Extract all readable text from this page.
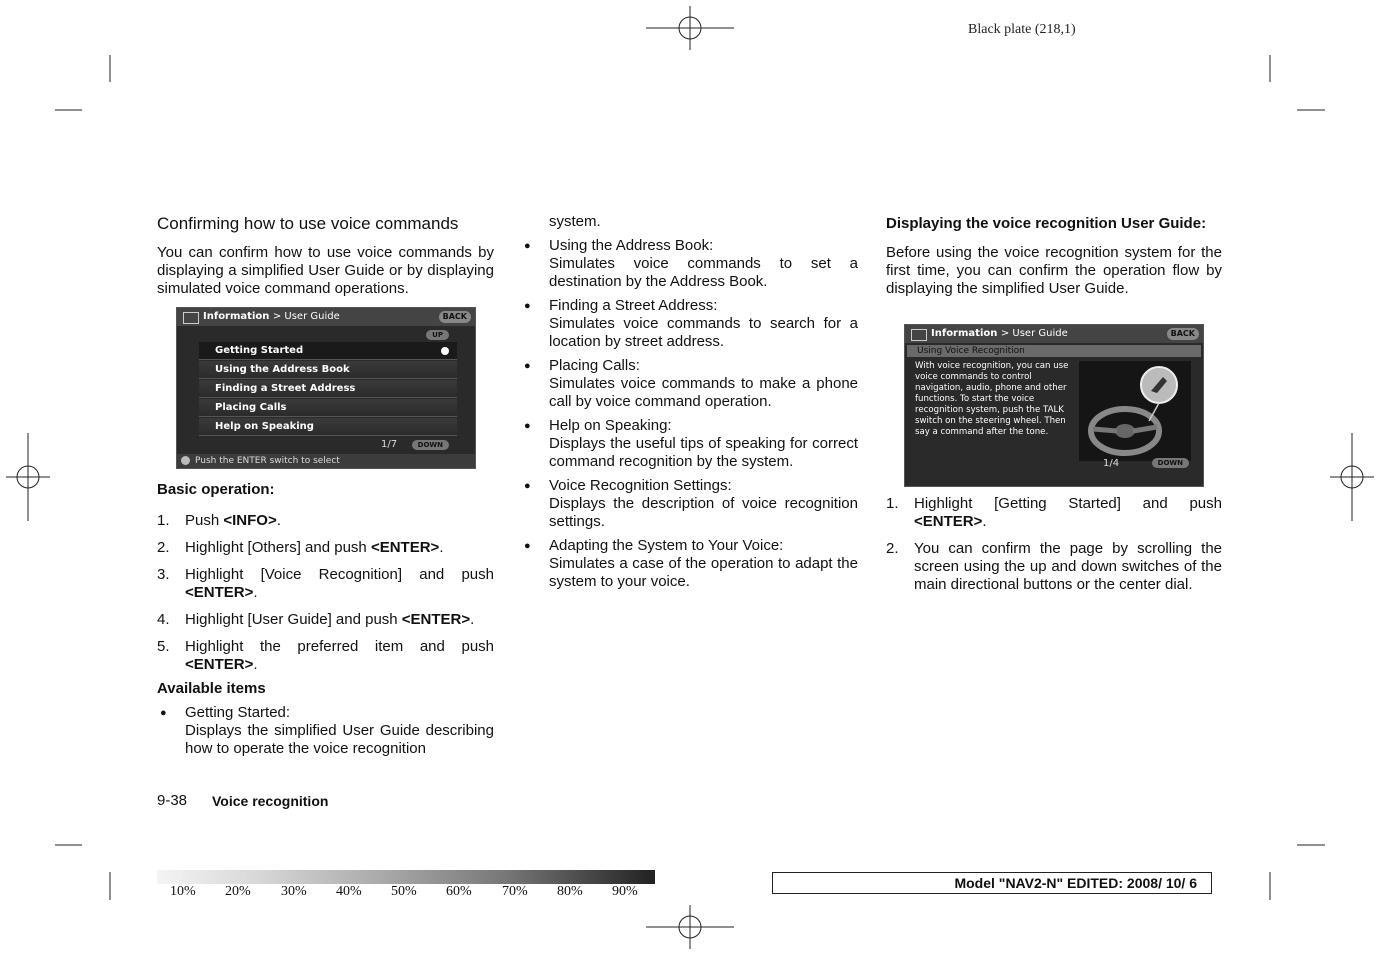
Black plate (218,1)
Confirming how to use voice commands

You can confirm how to use voice commands by displaying a simplified User Guide or by displaying simulated voice command operations.

Information > User Guide	BACK
UP
Getting Started
Using the Address Book
Finding a Street Address
Placing Calls
Help on Speaking
1/7	DOWN
Push the ENTER switch to select
Basic operation:
1. Push <INFO>.
2. Highlight [Others] and push <ENTER>.
3. Highlight [Voice Recognition] and push <ENTER>.
4. Highlight [User Guide] and push <ENTER>.
5. Highlight the preferred item and push <ENTER>.
Available items
● Getting Started:
Displays the simplified User Guide describing how to operate the voice recognition

system.

● Using the Address Book:
Simulates voice commands to set a destination by the Address Book.
● Finding a Street Address:
Simulates voice commands to search for a location by street address.
● Placing Calls:
Simulates voice commands to make a phone call by voice command operation.
● Help on Speaking:
Displays the useful tips of speaking for correct command recognition by the system.
● Voice Recognition Settings:
Displays the description of voice recognition settings.
● Adapting the System to Your Voice:
Simulates a case of the operation to adapt the system to your voice.
Displaying the voice recognition User Guide:

Before using the voice recognition system for the first time, you can confirm the operation flow by displaying the simplified User Guide.

Information > User Guide	BACK
Using Voice Recognition
With voice recognition, you can use voice commands to control navigation, audio, phone and other functions. To start the voice recognition system, push the TALK switch on the steering wheel. Then say a command after the tone.
1/4	DOWN
1. Highlight [Getting Started] and push <ENTER>.
2. You can confirm the page by scrolling the screen using the up and down switches of the main directional buttons or the center dial.
9-38 Voice recognition
10% 20% 30% 40% 50% 60% 70% 80% 90%
Model "NAV2-N" EDITED: 2008/ 10/ 6
